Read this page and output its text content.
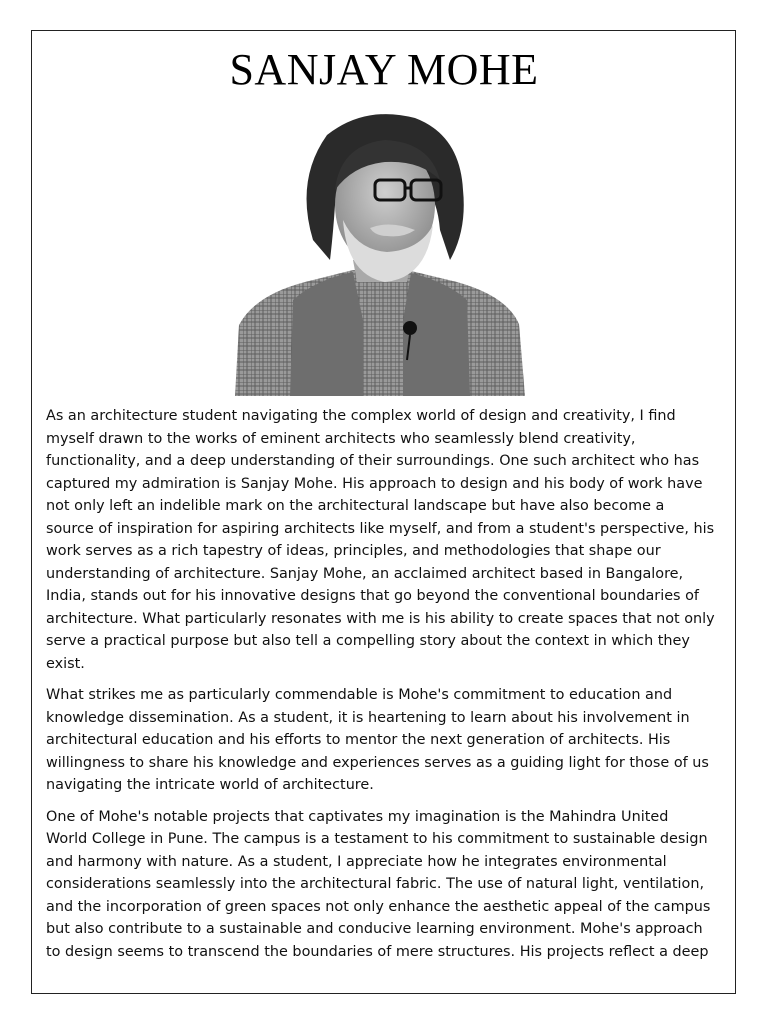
SANJAY MOHE

As an architecture student navigating the complex world of design and creativity, I find
myself drawn to the works of eminent architects who seamlessly blend creativity,
functionality, and a deep understanding of their surroundings. One such architect who has
captured my admiration is Sanjay Mohe. His approach to design and his body of work have
not only left an indelible mark on the architectural landscape but have also become a
source of inspiration for aspiring architects like myself, and from a student's perspective, his
work serves as a rich tapestry of ideas, principles, and methodologies that shape our
understanding of architecture. Sanjay Mohe, an acclaimed architect based in Bangalore,
India, stands out for his innovative designs that go beyond the conventional boundaries of
architecture. What particularly resonates with me is his ability to create spaces that not only
serve a practical purpose but also tell a compelling story about the context in which they
exist.

What strikes me as particularly commendable is Mohe's commitment to education and
knowledge dissemination. As a student, it is heartening to learn about his involvement in
architectural education and his efforts to mentor the next generation of architects. His
willingness to share his knowledge and experiences serves as a guiding light for those of us
navigating the intricate world of architecture.

One of Mohe's notable projects that captivates my imagination is the Mahindra United
World College in Pune. The campus is a testament to his commitment to sustainable design
and harmony with nature. As a student, I appreciate how he integrates environmental
considerations seamlessly into the architectural fabric. The use of natural light, ventilation,
and the incorporation of green spaces not only enhance the aesthetic appeal of the campus
but also contribute to a sustainable and conducive learning environment. Mohe's approach
to design seems to transcend the boundaries of mere structures. His projects reflect a deep
